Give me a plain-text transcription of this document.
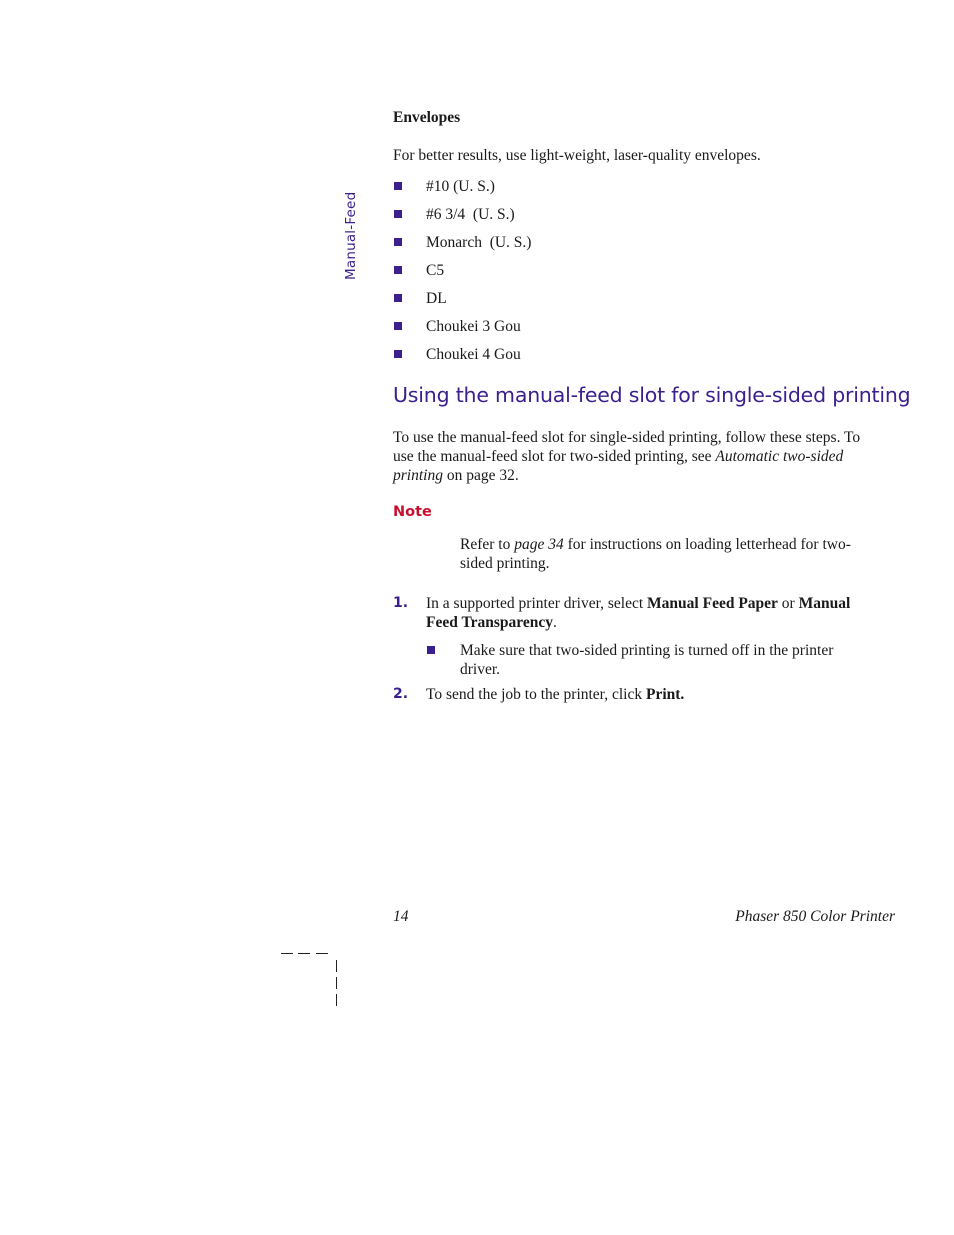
Manual-Feed
Envelopes
For better results, use light-weight, laser-quality envelopes.
#10 (U. S.)
#6 3/4  (U. S.)
Monarch  (U. S.)
C5
DL
Choukei 3 Gou
Choukei 4 Gou
Using the manual-feed slot for single-sided printing
To use the manual-feed slot for single-sided printing, follow these steps. To use the manual-feed slot for two-sided printing, see Automatic two-sided printing on page 32.
Note
Refer to page 34 for instructions on loading letterhead for two-sided printing.
1. In a supported printer driver, select Manual Feed Paper or Manual Feed Transparency.
Make sure that two-sided printing is turned off in the printer driver.
2. To send the job to the printer, click Print.
14	Phaser 850 Color Printer
